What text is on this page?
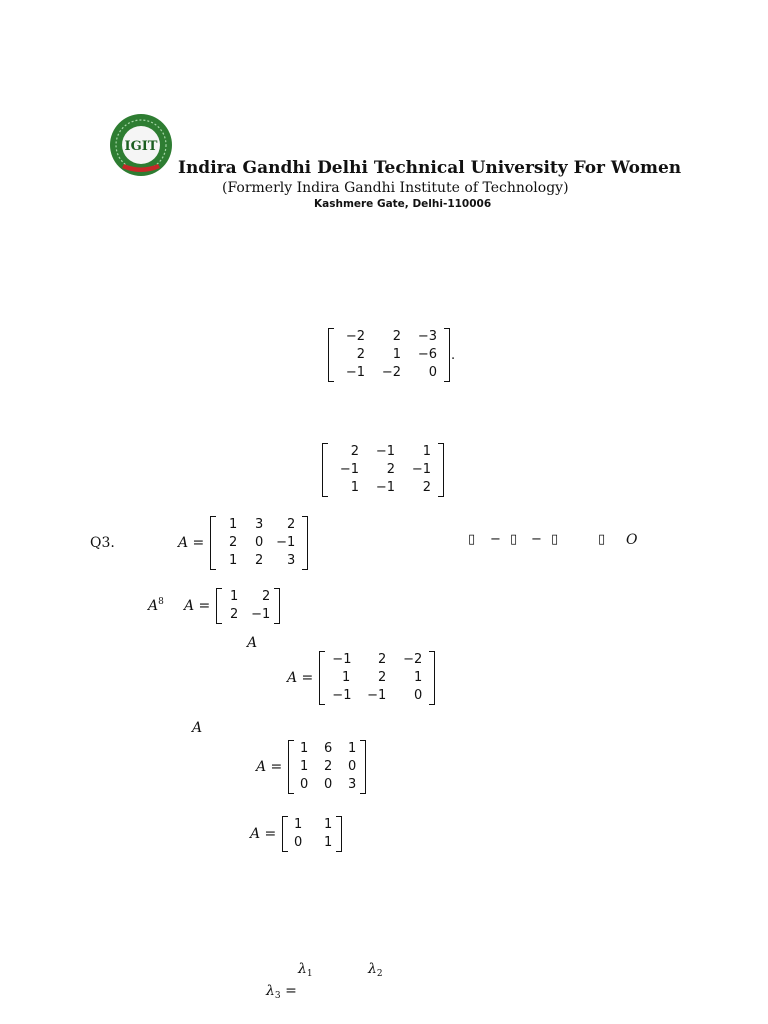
IGIT
Indira Gandhi Delhi Technical University For Women
(Formerly Indira Gandhi Institute of Technology)
Kashmere Gate, Delhi-110006
−2	2	−3
2	1	−6
−1	−2	0
.
2	−1	1
−1	2	−1
1	−1	2
Q3.	A =
1	3	2
2	0 −1
1	2	3
▯ − ▯ − ▯	▯ O
$A^8$ A =
1	2
2 −1
A
A =
−1	2	−2
1	2	1
−1	−1	0
A
A =
1 6 1
1 2 0
0 0 3
A =
1	1
0	1
$\lambda_1$	$\lambda_2$
$\lambda_3$ =
